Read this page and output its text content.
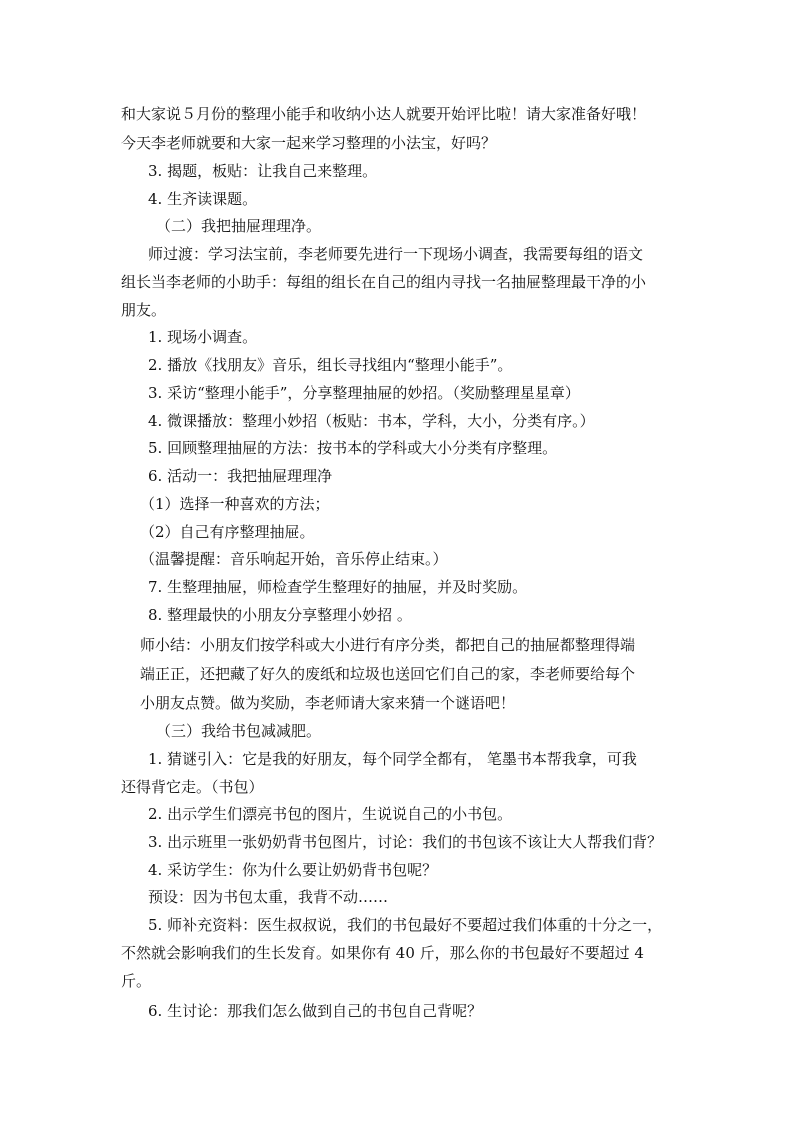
和大家说５月份的整理小能手和收纳小达人就要开始评比啦！请大家准备好哦！
今天李老师就要和大家一起来学习整理的小法宝，好吗？
3. 揭题，板贴：让我自己来整理。
4. 生齐读课题。
（二）我把抽屉理理净。
师过渡：学习法宝前，李老师要先进行一下现场小调查，我需要每组的语文
组长当李老师的小助手：每组的组长在自己的组内寻找一名抽屉整理最干净的小
朋友。
1. 现场小调查。
2. 播放《找朋友》音乐，组长寻找组内“整理小能手”。
3. 采访“整理小能手”，分享整理抽屉的妙招。（奖励整理星星章）
4. 微课播放：整理小妙招（板贴：书本，学科，大小，分类有序。）
5. 回顾整理抽屉的方法：按书本的学科或大小分类有序整理。
6. 活动一：我把抽屉理理净
（1）选择一种喜欢的方法；
（2）自己有序整理抽屉。
（温馨提醒：音乐响起开始，音乐停止结束。）
7. 生整理抽屉，师检查学生整理好的抽屉，并及时奖励。
8. 整理最快的小朋友分享整理小妙招 。
师小结：小朋友们按学科或大小进行有序分类，都把自己的抽屉都整理得端
端正正，还把藏了好久的废纸和垃圾也送回它们自己的家，李老师要给每个
小朋友点赞。做为奖励，李老师请大家来猜一个谜语吧！
（三）我给书包减减肥。
1. 猜谜引入：它是我的好朋友，每个同学全都有， 笔墨书本帮我拿，可我
还得背它走。（书包）
2. 出示学生们漂亮书包的图片，生说说自己的小书包。
3. 出示班里一张奶奶背书包图片，讨论：我们的书包该不该让大人帮我们背？
4. 采访学生：你为什么要让奶奶背书包呢？
预设：因为书包太重，我背不动……
5. 师补充资料：医生叔叔说，我们的书包最好不要超过我们体重的十分之一，
不然就会影响我们的生长发育。如果你有 40 斤，那么你的书包最好不要超过 4
斤。
6. 生讨论：那我们怎么做到自己的书包自己背呢？
